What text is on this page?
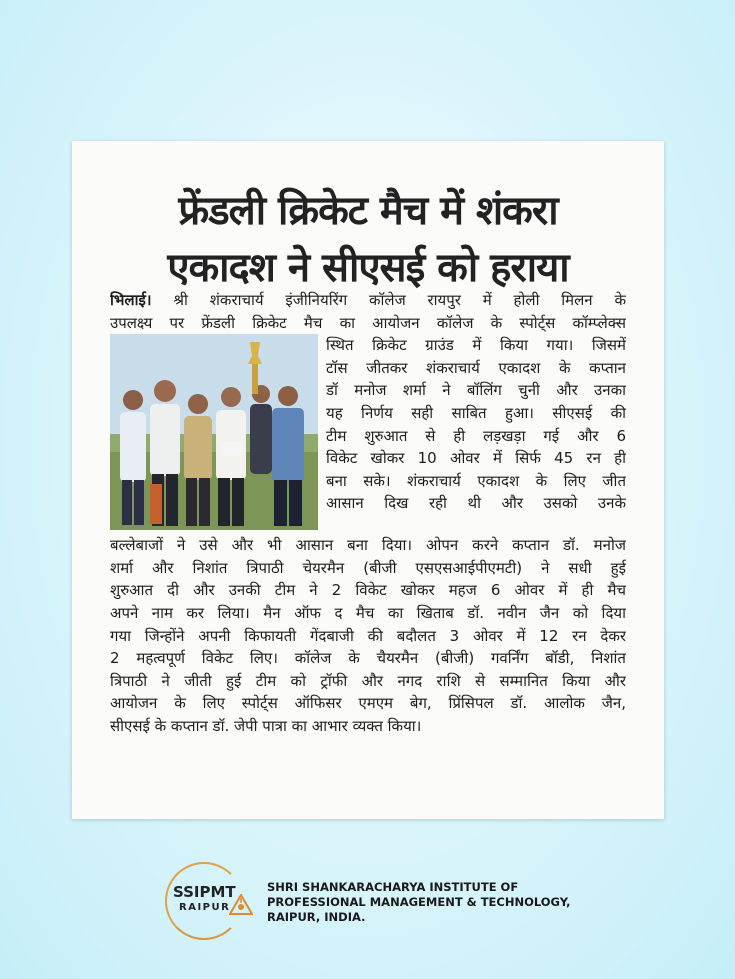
फ्रेंडली क्रिकेट मैच में शंकरा
एकादश ने सीएसई को हराया
भिलाई। श्री शंकराचार्य इंजीनियरिंग कॉलेज रायपुर में होली मिलन के
उपलक्ष्य पर फ्रेंडली क्रिकेट मैच का आयोजन कॉलेज के स्पोर्ट्स कॉम्प्लेक्स
स्थित क्रिकेट ग्राउंड में किया गया। जिसमें
टॉस जीतकर शंकराचार्य एकादश के कप्तान
डॉ मनोज शर्मा ने बॉलिंग चुनी और उनका
यह निर्णय सही साबित हुआ। सीएसई की
टीम शुरुआत से ही लड़खड़ा गई और 6
विकेट खोकर 10 ओवर में सिर्फ 45 रन ही
बना सके। शंकराचार्य एकादश के लिए जीत
आसान दिख रही थी और उसको उनके
बल्लेबाजों ने उसे और भी आसान बना दिया। ओपन करने कप्तान डॉ. मनोज
शर्मा और निशांत त्रिपाठी चेयरमैन (बीजी एसएसआईपीएमटी) ने सधी हुई
शुरुआत दी और उनकी टीम ने 2 विकेट खोकर महज 6 ओवर में ही मैच
अपने नाम कर लिया। मैन ऑफ द मैच का खिताब डॉ. नवीन जैन को दिया
गया जिन्होंने अपनी किफायती गेंदबाजी की बदौलत 3 ओवर में 12 रन देकर
2 महत्वपूर्ण विकेट लिए। कॉलेज के चैयरमैन (बीजी) गवर्निंग बॉडी, निशांत
त्रिपाठी ने जीती हुई टीम को ट्रॉफी और नगद राशि से सम्मानित किया और
आयोजन के लिए स्पोर्ट्स ऑफिसर एमएम बेग, प्रिंसिपल डॉ. आलोक जैन,
सीएसई के कप्तान डॉ. जेपी पात्रा का आभार व्यक्त किया।
SSIPMT
RAIPUR
SHRI SHANKARACHARYA INSTITUTE OF
PROFESSIONAL MANAGEMENT & TECHNOLOGY,
RAIPUR, INDIA.
